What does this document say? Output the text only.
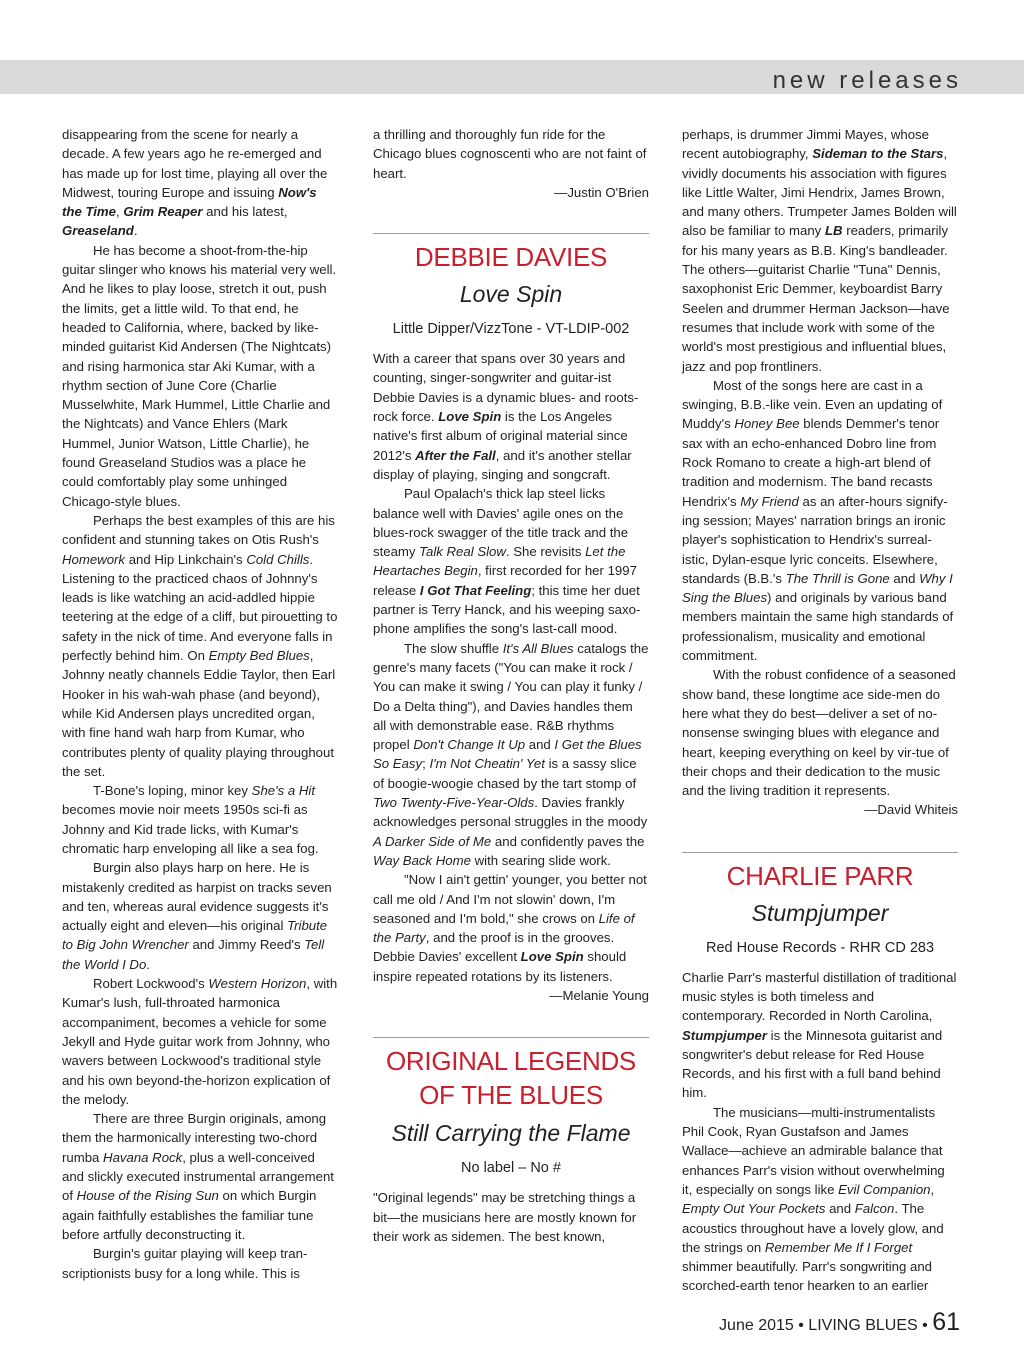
new releases

disappearing from the scene for nearly a decade. A few years ago he re-emerged and has made up for lost time, playing all over the Midwest, touring Europe and issuing Now's the Time, Grim Reaper and his latest, Greaseland.

He has become a shoot-from-the-hip guitar slinger who knows his material very well. And he likes to play loose, stretch it out, push the limits, get a little wild. To that end, he headed to California, where, backed by like-minded guitarist Kid Andersen (The Nightcats) and rising harmonica star Aki Kumar, with a rhythm section of June Core (Charlie Musselwhite, Mark Hummel, Little Charlie and the Nightcats) and Vance Ehlers (Mark Hummel, Junior Watson, Little Charlie), he found Greaseland Studios was a place he could comfortably play some unhinged Chicago-style blues.

Perhaps the best examples of this are his confident and stunning takes on Otis Rush's Homework and Hip Linkchain's Cold Chills. Listening to the practiced chaos of Johnny's leads is like watching an acid-addled hippie teetering at the edge of a cliff, but pirouetting to safety in the nick of time. And everyone falls in perfectly behind him. On Empty Bed Blues, Johnny neatly channels Eddie Taylor, then Earl Hooker in his wah-wah phase (and beyond), while Kid Andersen plays uncredited organ, with fine hand wah harp from Kumar, who contributes plenty of quality playing throughout the set.

T-Bone's loping, minor key She's a Hit becomes movie noir meets 1950s sci-fi as Johnny and Kid trade licks, with Kumar's chromatic harp enveloping all like a sea fog.

Burgin also plays harp on here. He is mistakenly credited as harpist on tracks seven and ten, whereas aural evidence suggests it's actually eight and eleven—his original Tribute to Big John Wrencher and Jimmy Reed's Tell the World I Do.

Robert Lockwood's Western Horizon, with Kumar's lush, full-throated harmonica accompaniment, becomes a vehicle for some Jekyll and Hyde guitar work from Johnny, who wavers between Lockwood's traditional style and his own beyond-the-horizon explication of the melody.

There are three Burgin originals, among them the harmonically interesting two-chord rumba Havana Rock, plus a well-conceived and slickly executed instrumental arrangement of House of the Rising Sun on which Burgin again faithfully establishes the familiar tune before artfully deconstructing it.

Burgin's guitar playing will keep tran-scriptionists busy for a long while. This is

a thrilling and thoroughly fun ride for the Chicago blues cognoscenti who are not faint of heart.

—Justin O'Brien

DEBBIE DAVIES
Love Spin
Little Dipper/VizzTone - VT-LDIP-002

With a career that spans over 30 years and counting, singer-songwriter and guitar-ist Debbie Davies is a dynamic blues- and roots-rock force. Love Spin is the Los Angeles native's first album of original material since 2012's After the Fall, and it's another stellar display of playing, singing and songcraft.

Paul Opalach's thick lap steel licks balance well with Davies' agile ones on the blues-rock swagger of the title track and the steamy Talk Real Slow. She revisits Let the Heartaches Begin, first recorded for her 1997 release I Got That Feeling; this time her duet partner is Terry Hanck, and his weeping saxo-phone amplifies the song's last-call mood.

The slow shuffle It's All Blues catalogs the genre's many facets ("You can make it rock / You can make it swing / You can play it funky / Do a Delta thing"), and Davies handles them all with demonstrable ease. R&B rhythms propel Don't Change It Up and I Get the Blues So Easy; I'm Not Cheatin' Yet is a sassy slice of boogie-woogie chased by the tart stomp of Two Twenty-Five-Year-Olds. Davies frankly acknowledges personal struggles in the moody A Darker Side of Me and confidently paves the Way Back Home with searing slide work.

"Now I ain't gettin' younger, you better not call me old / And I'm not slowin' down, I'm seasoned and I'm bold," she crows on Life of the Party, and the proof is in the grooves. Debbie Davies' excellent Love Spin should inspire repeated rotations by its listeners.

—Melanie Young

ORIGINAL LEGENDS
OF THE BLUES
Still Carrying the Flame
No label – No #

"Original legends" may be stretching things a bit—the musicians here are mostly known for their work as sidemen. The best known,

perhaps, is drummer Jimmi Mayes, whose recent autobiography, Sideman to the Stars, vividly documents his association with figures like Little Walter, Jimi Hendrix, James Brown, and many others. Trumpeter James Bolden will also be familiar to many LB readers, primarily for his many years as B.B. King's bandleader. The others—guitarist Charlie "Tuna" Dennis, saxophonist Eric Demmer, keyboardist Barry Seelen and drummer Herman Jackson—have resumes that include work with some of the world's most prestigious and influential blues, jazz and pop frontliners.

Most of the songs here are cast in a swinging, B.B.-like vein. Even an updating of Muddy's Honey Bee blends Demmer's tenor sax with an echo-enhanced Dobro line from Rock Romano to create a high-art blend of tradition and modernism. The band recasts Hendrix's My Friend as an after-hours signify-ing session; Mayes' narration brings an ironic player's sophistication to Hendrix's surreal-istic, Dylan-esque lyric conceits. Elsewhere, standards (B.B.'s The Thrill is Gone and Why I Sing the Blues) and originals by various band members maintain the same high standards of professionalism, musicality and emotional commitment.

With the robust confidence of a seasoned show band, these longtime ace side-men do here what they do best—deliver a set of no-nonsense swinging blues with elegance and heart, keeping everything on keel by vir-tue of their chops and their dedication to the music and the living tradition it represents.

—David Whiteis

CHARLIE PARR
Stumpjumper
Red House Records - RHR CD 283

Charlie Parr's masterful distillation of traditional music styles is both timeless and contemporary. Recorded in North Carolina, Stumpjumper is the Minnesota guitarist and songwriter's debut release for Red House Records, and his first with a full band behind him.

The musicians—multi-instrumentalists Phil Cook, Ryan Gustafson and James Wallace—achieve an admirable balance that enhances Parr's vision without overwhelming it, especially on songs like Evil Companion, Empty Out Your Pockets and Falcon. The acoustics throughout have a lovely glow, and the strings on Remember Me If I Forget shimmer beautifully. Parr's songwriting and scorched-earth tenor hearken to an earlier

June 2015 • LIVING BLUES • 61
